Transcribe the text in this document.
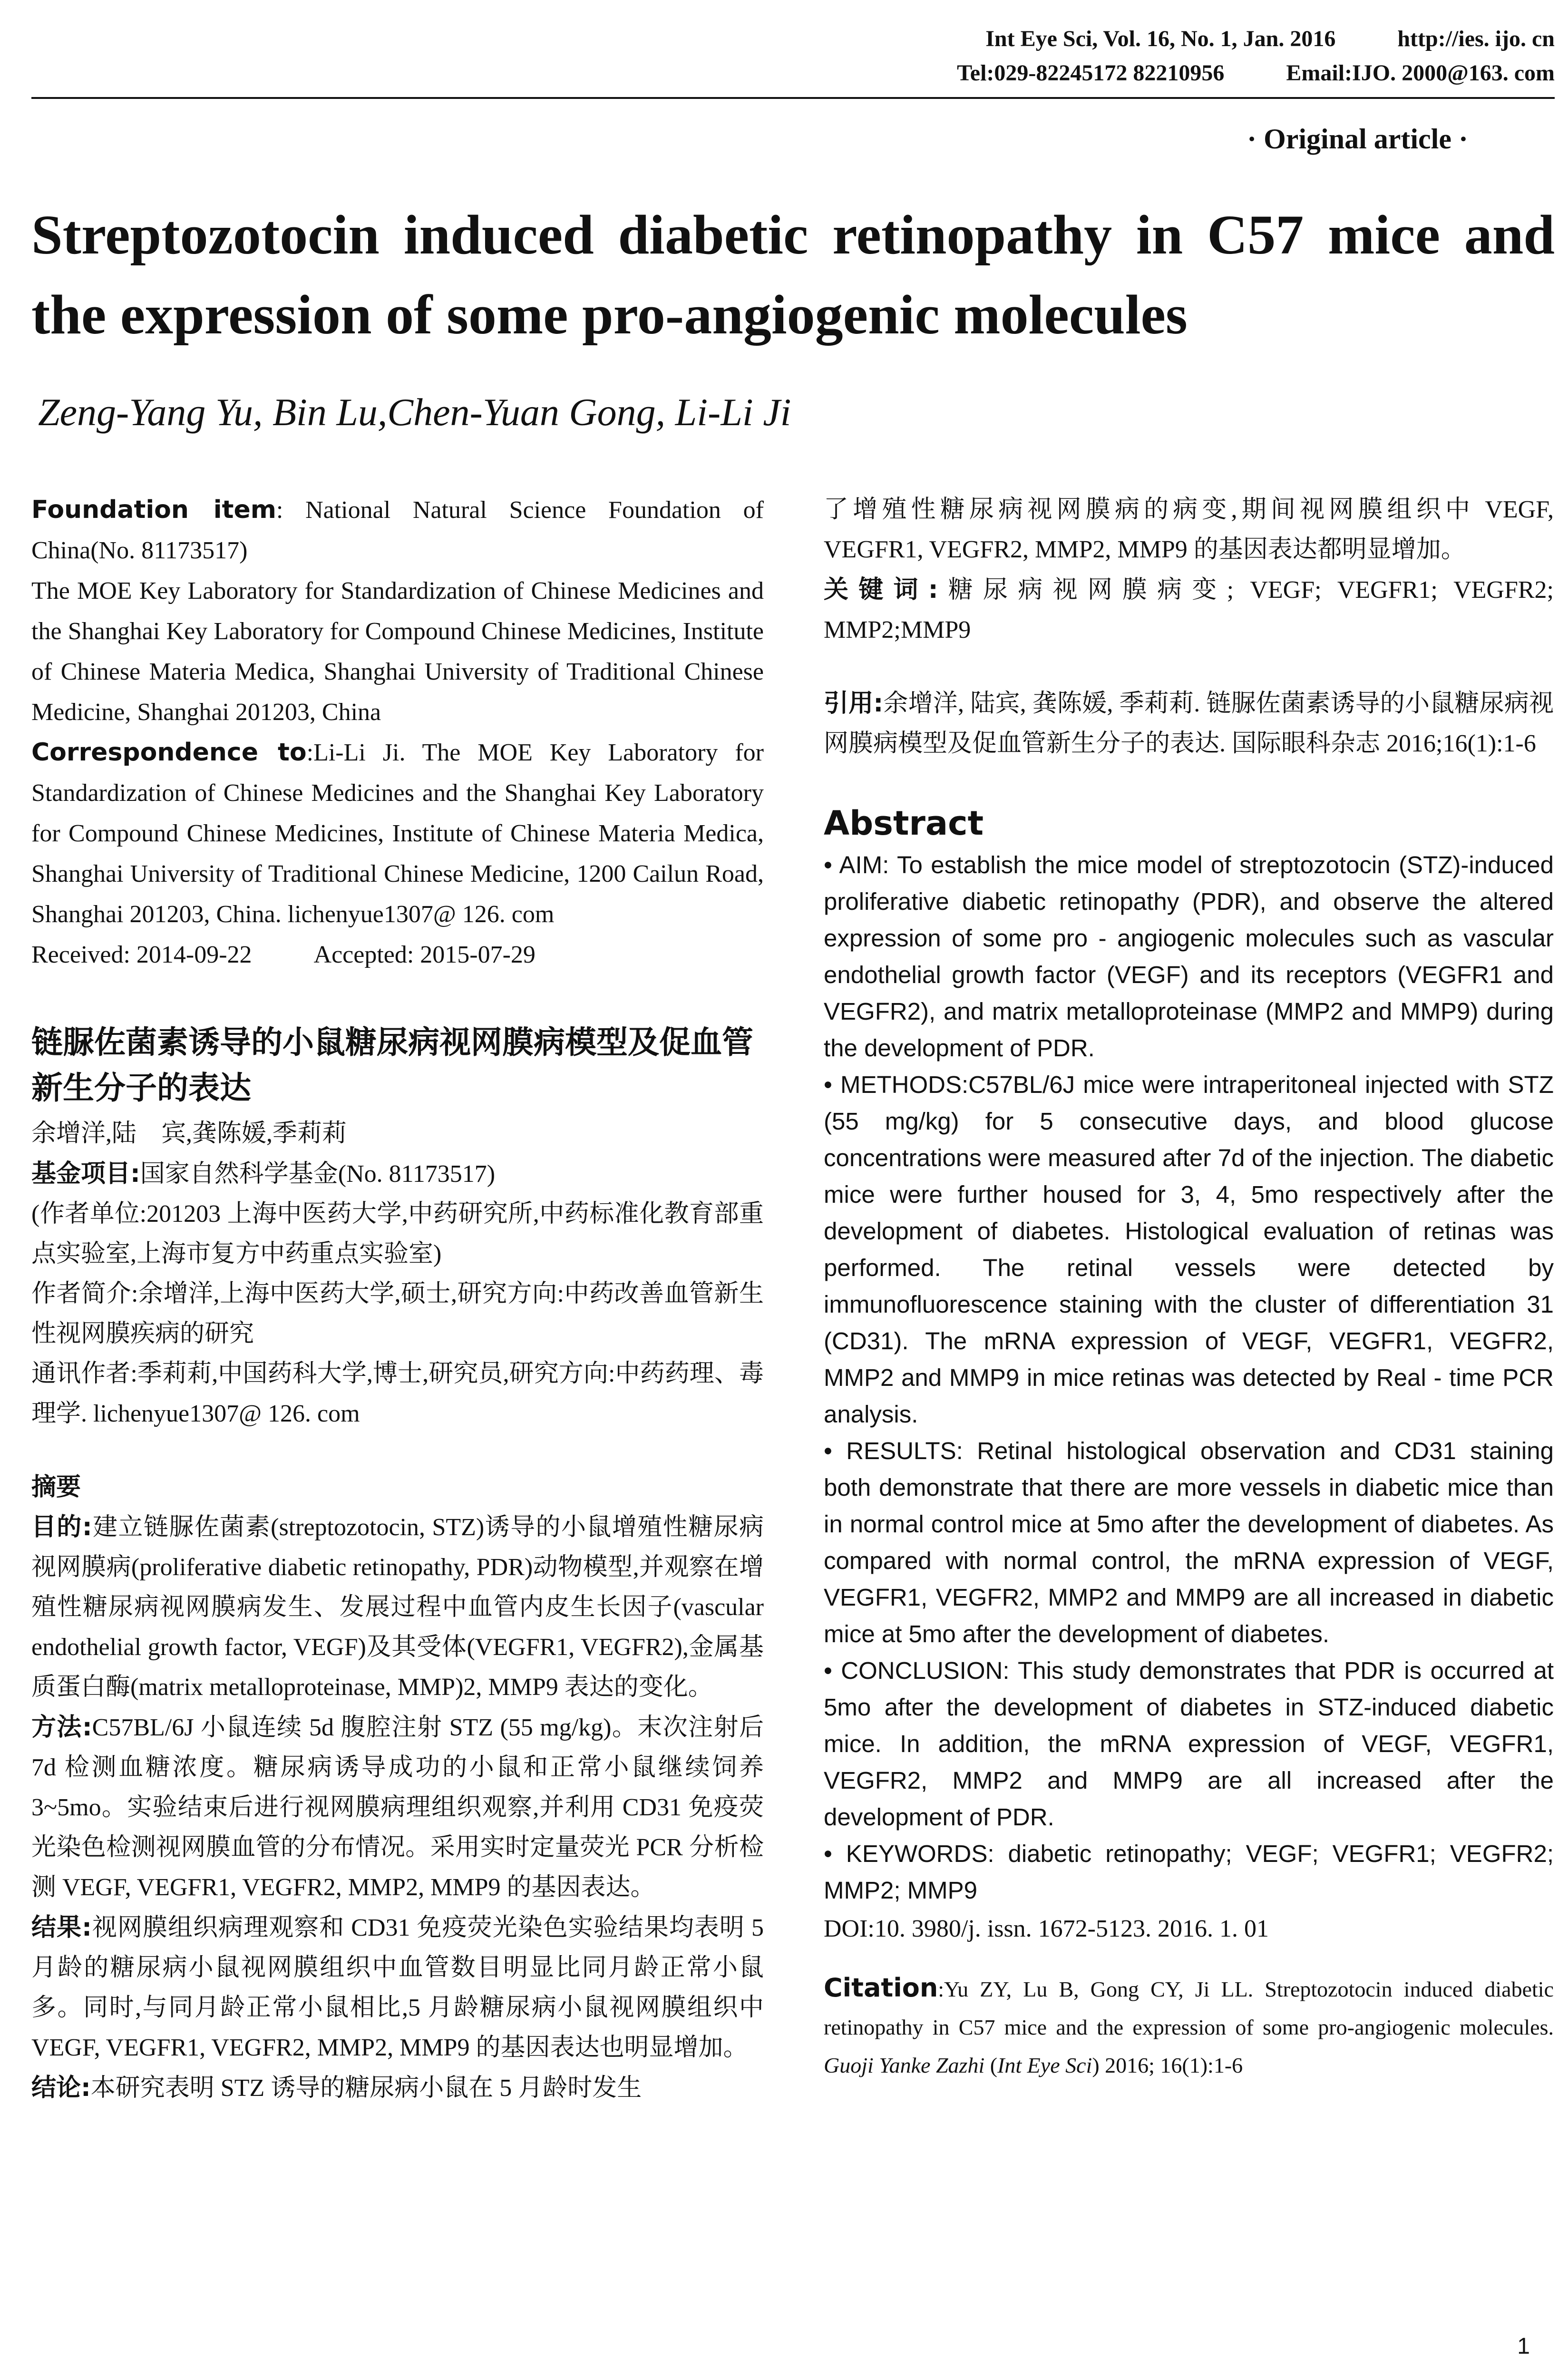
Int Eye Sci, Vol. 16, No. 1, Jan. 2016	http://ies. ijo. cn
Tel:029-82245172 82210956	Email:IJO. 2000@163. com
· Original article ·
Streptozotocin induced diabetic retinopathy in C57 mice and the expression of some pro-angiogenic molecules
Zeng-Yang Yu, Bin Lu,Chen-Yuan Gong, Li-Li Ji

Foundation item: National Natural Science Foundation of China(No. 81173517)

The MOE Key Laboratory for Standardization of Chinese Medicines and the Shanghai Key Laboratory for Compound Chinese Medicines, Institute of Chinese Materia Medica, Shanghai University of Traditional Chinese Medicine, Shanghai 201203, China

Correspondence to:Li-Li Ji. The MOE Key Laboratory for Standardization of Chinese Medicines and the Shanghai Key Laboratory for Compound Chinese Medicines, Institute of Chinese Materia Medica, Shanghai University of Traditional Chinese Medicine, 1200 Cailun Road, Shanghai 201203, China. lichenyue1307@ 126. com

Received: 2014-09-22	Accepted: 2015-07-29

链脲佐菌素诱导的小鼠糖尿病视网膜病模型及促血管新生分子的表达

余增洋,陆　宾,龚陈媛,季莉莉

基金项目:国家自然科学基金(No. 81173517)

(作者单位:201203 上海中医药大学,中药研究所,中药标准化教育部重点实验室,上海市复方中药重点实验室)

作者简介:余增洋,上海中医药大学,硕士,研究方向:中药改善血管新生性视网膜疾病的研究

通讯作者:季莉莉,中国药科大学,博士,研究员,研究方向:中药药理、毒理学. lichenyue1307@ 126. com

摘要

目的:建立链脲佐菌素(streptozotocin, STZ)诱导的小鼠增殖性糖尿病视网膜病(proliferative diabetic retinopathy, PDR)动物模型,并观察在增殖性糖尿病视网膜病发生、发展过程中血管内皮生长因子(vascular endothelial growth factor, VEGF)及其受体(VEGFR1, VEGFR2),金属基质蛋白酶(matrix metalloproteinase, MMP)2, MMP9 表达的变化。

方法:C57BL/6J 小鼠连续 5d 腹腔注射 STZ (55 mg/kg)。末次注射后 7d 检测血糖浓度。糖尿病诱导成功的小鼠和正常小鼠继续饲养 3~5mo。实验结束后进行视网膜病理组织观察,并利用 CD31 免疫荧光染色检测视网膜血管的分布情况。采用实时定量荧光 PCR 分析检测 VEGF, VEGFR1, VEGFR2, MMP2, MMP9 的基因表达。

结果:视网膜组织病理观察和 CD31 免疫荧光染色实验结果均表明 5 月龄的糖尿病小鼠视网膜组织中血管数目明显比同月龄正常小鼠多。同时,与同月龄正常小鼠相比,5 月龄糖尿病小鼠视网膜组织中 VEGF, VEGFR1, VEGFR2, MMP2, MMP9 的基因表达也明显增加。

结论:本研究表明 STZ 诱导的糖尿病小鼠在 5 月龄时发生

了增殖性糖尿病视网膜病的病变,期间视网膜组织中 VEGF, VEGFR1, VEGFR2, MMP2, MMP9 的基因表达都明显增加。

关键词:糖尿病视网膜病变; VEGF; VEGFR1; VEGFR2; MMP2;MMP9

引用:余增洋, 陆宾, 龚陈媛, 季莉莉. 链脲佐菌素诱导的小鼠糖尿病视网膜病模型及促血管新生分子的表达. 国际眼科杂志 2016;16(1):1-6

Abstract

• AIM: To establish the mice model of streptozotocin (STZ)-induced proliferative diabetic retinopathy (PDR), and observe the altered expression of some pro - angiogenic molecules such as vascular endothelial growth factor (VEGF) and its receptors (VEGFR1 and VEGFR2), and matrix metalloproteinase (MMP2 and MMP9) during the development of PDR.

• METHODS:C57BL/6J mice were intraperitoneal injected with STZ (55 mg/kg) for 5 consecutive days, and blood glucose concentrations were measured after 7d of the injection. The diabetic mice were further housed for 3, 4, 5mo respectively after the development of diabetes. Histological evaluation of retinas was performed. The retinal vessels were detected by immunofluorescence staining with the cluster of differentiation 31 (CD31). The mRNA expression of VEGF, VEGFR1, VEGFR2, MMP2 and MMP9 in mice retinas was detected by Real - time PCR analysis.

• RESULTS: Retinal histological observation and CD31 staining both demonstrate that there are more vessels in diabetic mice than in normal control mice at 5mo after the development of diabetes. As compared with normal control, the mRNA expression of VEGF, VEGFR1, VEGFR2, MMP2 and MMP9 are all increased in diabetic mice at 5mo after the development of diabetes.

• CONCLUSION: This study demonstrates that PDR is occurred at 5mo after the development of diabetes in STZ-induced diabetic mice. In addition, the mRNA expression of VEGF, VEGFR1, VEGFR2, MMP2 and MMP9 are all increased after the development of PDR.

• KEYWORDS: diabetic retinopathy; VEGF; VEGFR1; VEGFR2; MMP2; MMP9

DOI:10. 3980/j. issn. 1672-5123. 2016. 1. 01

Citation:Yu ZY, Lu B, Gong CY, Ji LL. Streptozotocin induced diabetic retinopathy in C57 mice and the expression of some pro-angiogenic molecules. Guoji Yanke Zazhi (Int Eye Sci) 2016; 16(1):1-6

1
